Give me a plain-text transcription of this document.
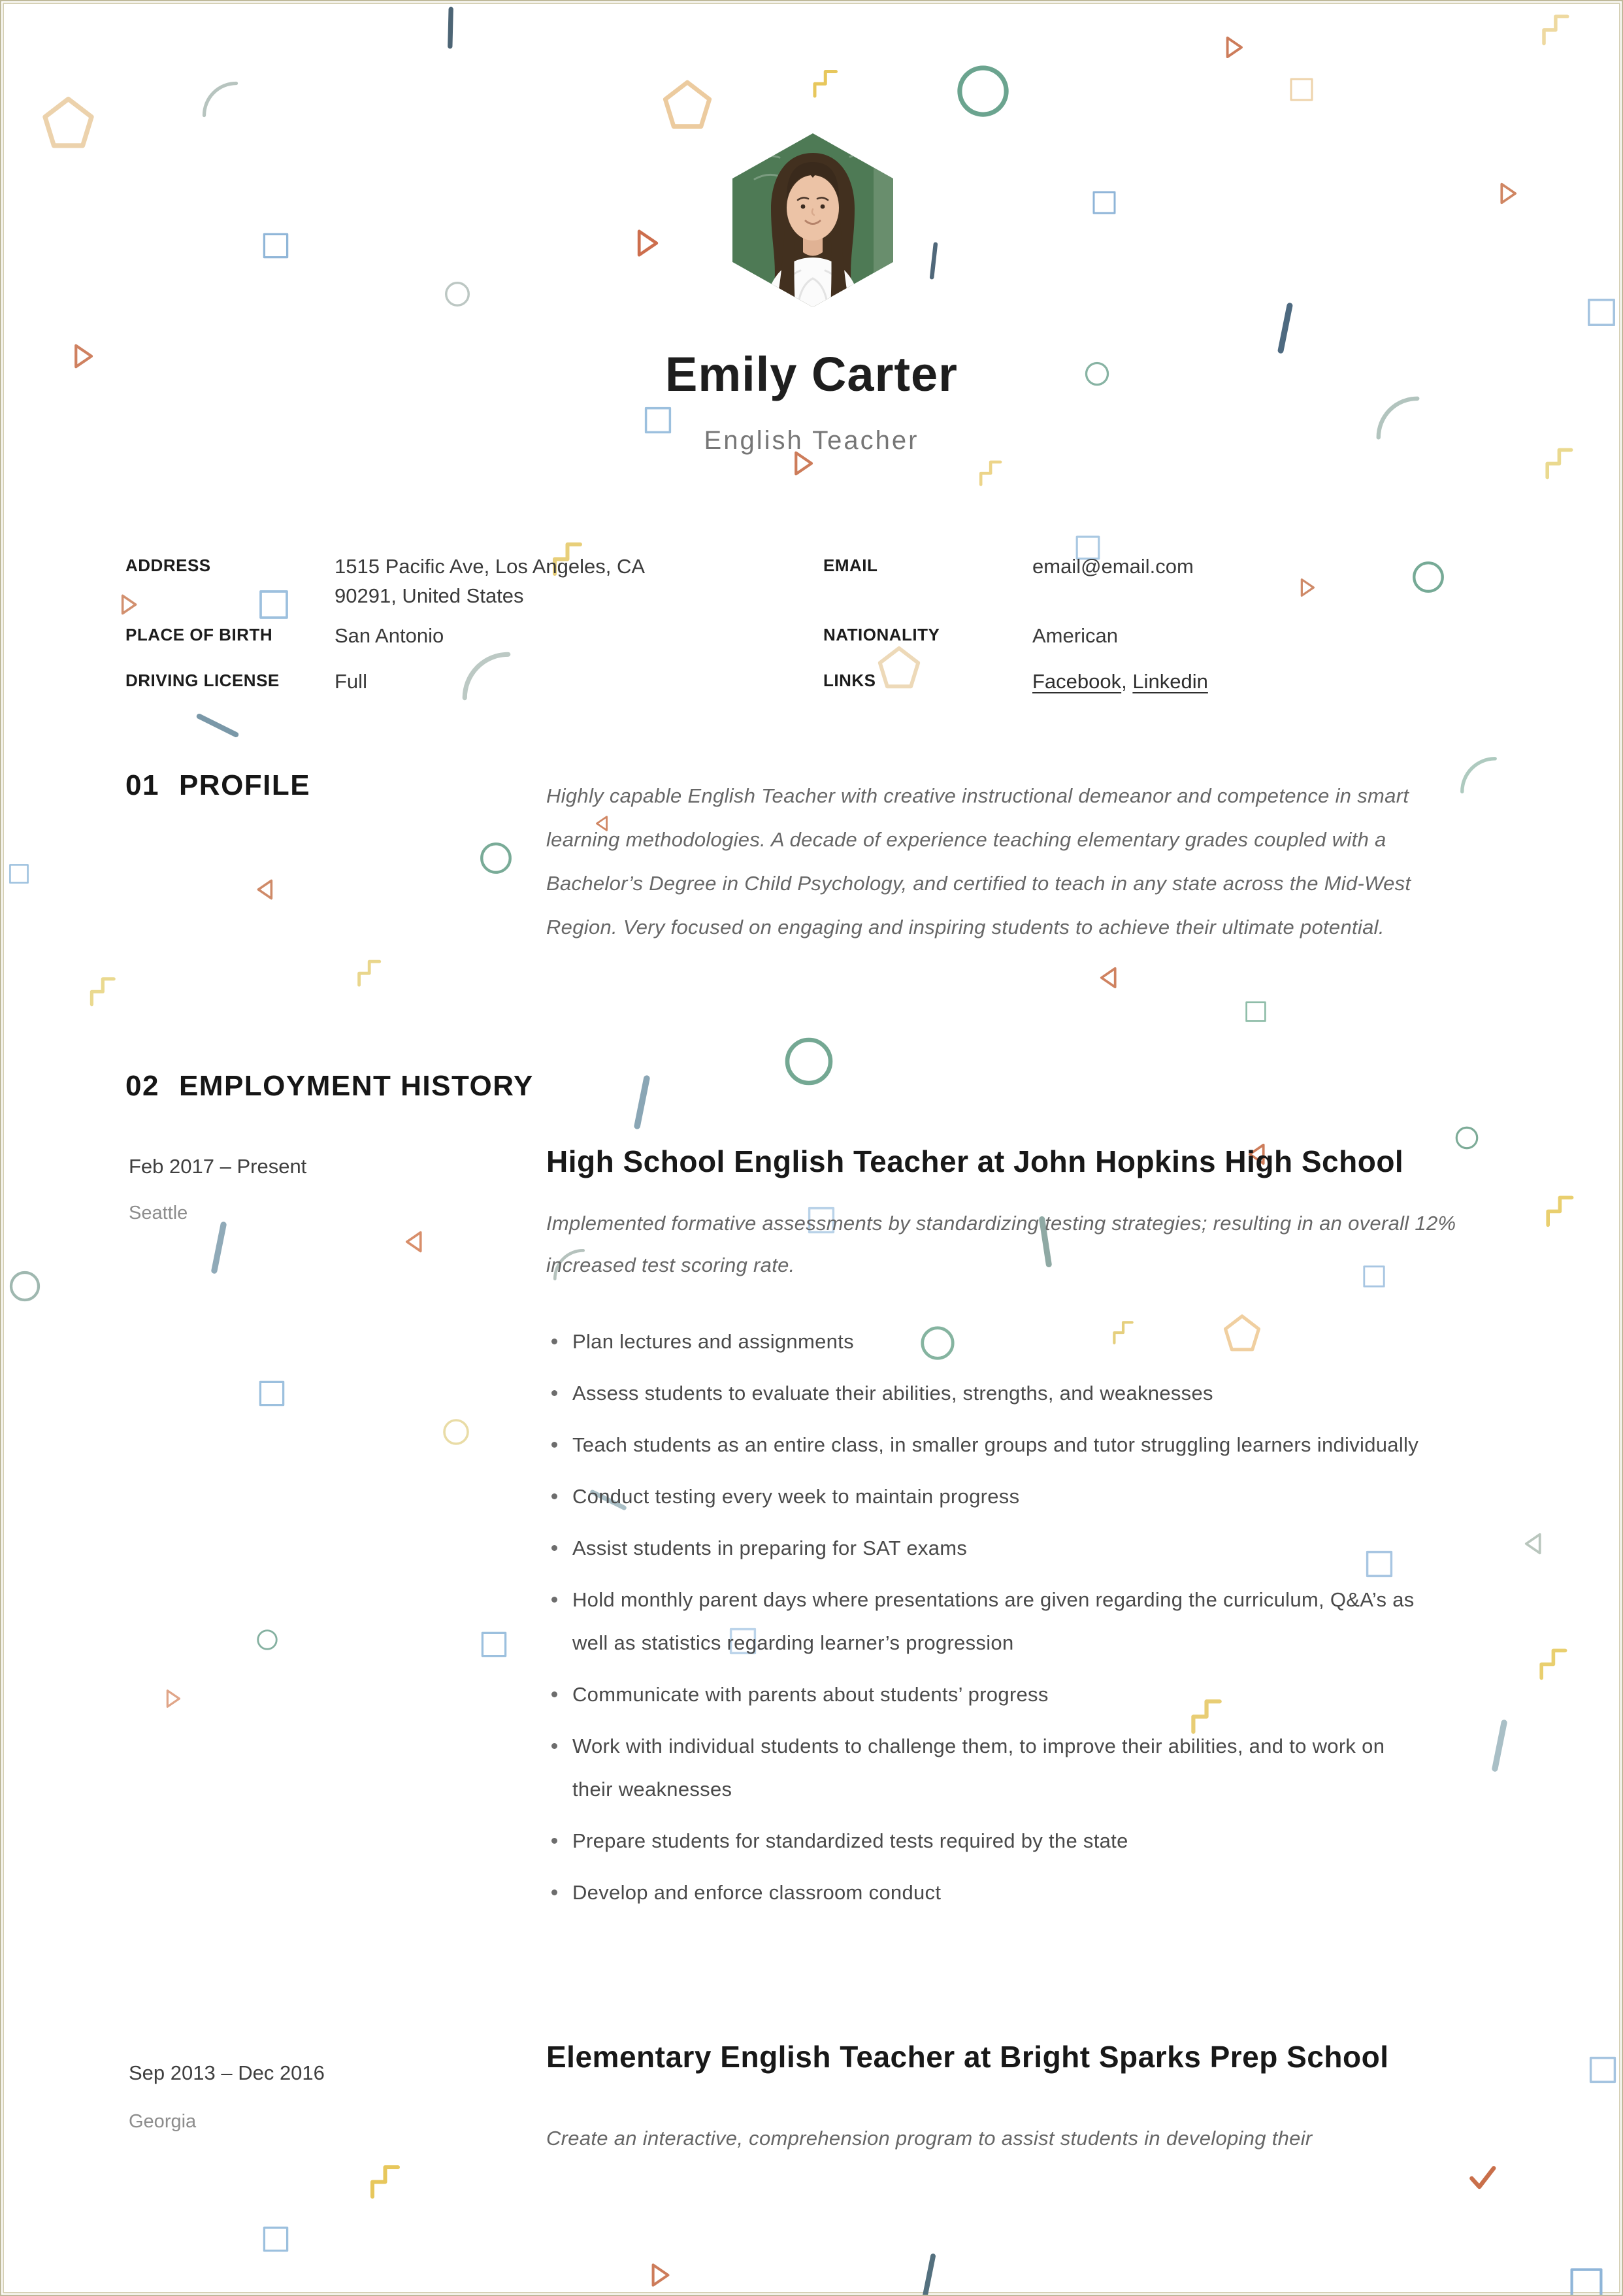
Emily Carter
English Teacher
ADDRESS	1515 Pacific Ave, Los Angeles, CA 90291, United States
PLACE OF BIRTH	San Antonio
DRIVING LICENSE	Full
EMAIL	email@email.com
NATIONALITY	American
LINKS	Facebook, Linkedin
01 PROFILE	Highly capable English Teacher with creative instructional demeanor and competence in smart learning methodologies. A decade of experience teaching elementary grades coupled with a Bachelor’s Degree in Child Psychology, and certified to teach in any state across the Mid-West Region. Very focused on engaging and inspiring students to achieve their ultimate potential.
02 EMPLOYMENT HISTORY
Feb 2017 – Present
Seattle
High School English Teacher at John Hopkins High School
Implemented formative assessments by standardizing testing strategies; resulting in an overall 12%  increased test scoring rate.
Plan lectures and assignments
Assess students to evaluate their abilities, strengths, and weaknesses
Teach students as an entire class, in smaller groups and tutor struggling learners individually
Conduct testing every week to maintain progress
Assist students in preparing for SAT exams
Hold monthly parent days where presentations are given regarding the curriculum, Q&A’s as well as statistics regarding learner’s progression
Communicate with parents about students’ progress
Work with individual students to challenge them, to improve their abilities, and to work on their weaknesses
Prepare students for standardized tests required by the state
Develop and enforce classroom conduct
Sep 2013 – Dec 2016
Georgia
Elementary English Teacher at Bright Sparks Prep School
Create an interactive, comprehension program to assist students in developing their
